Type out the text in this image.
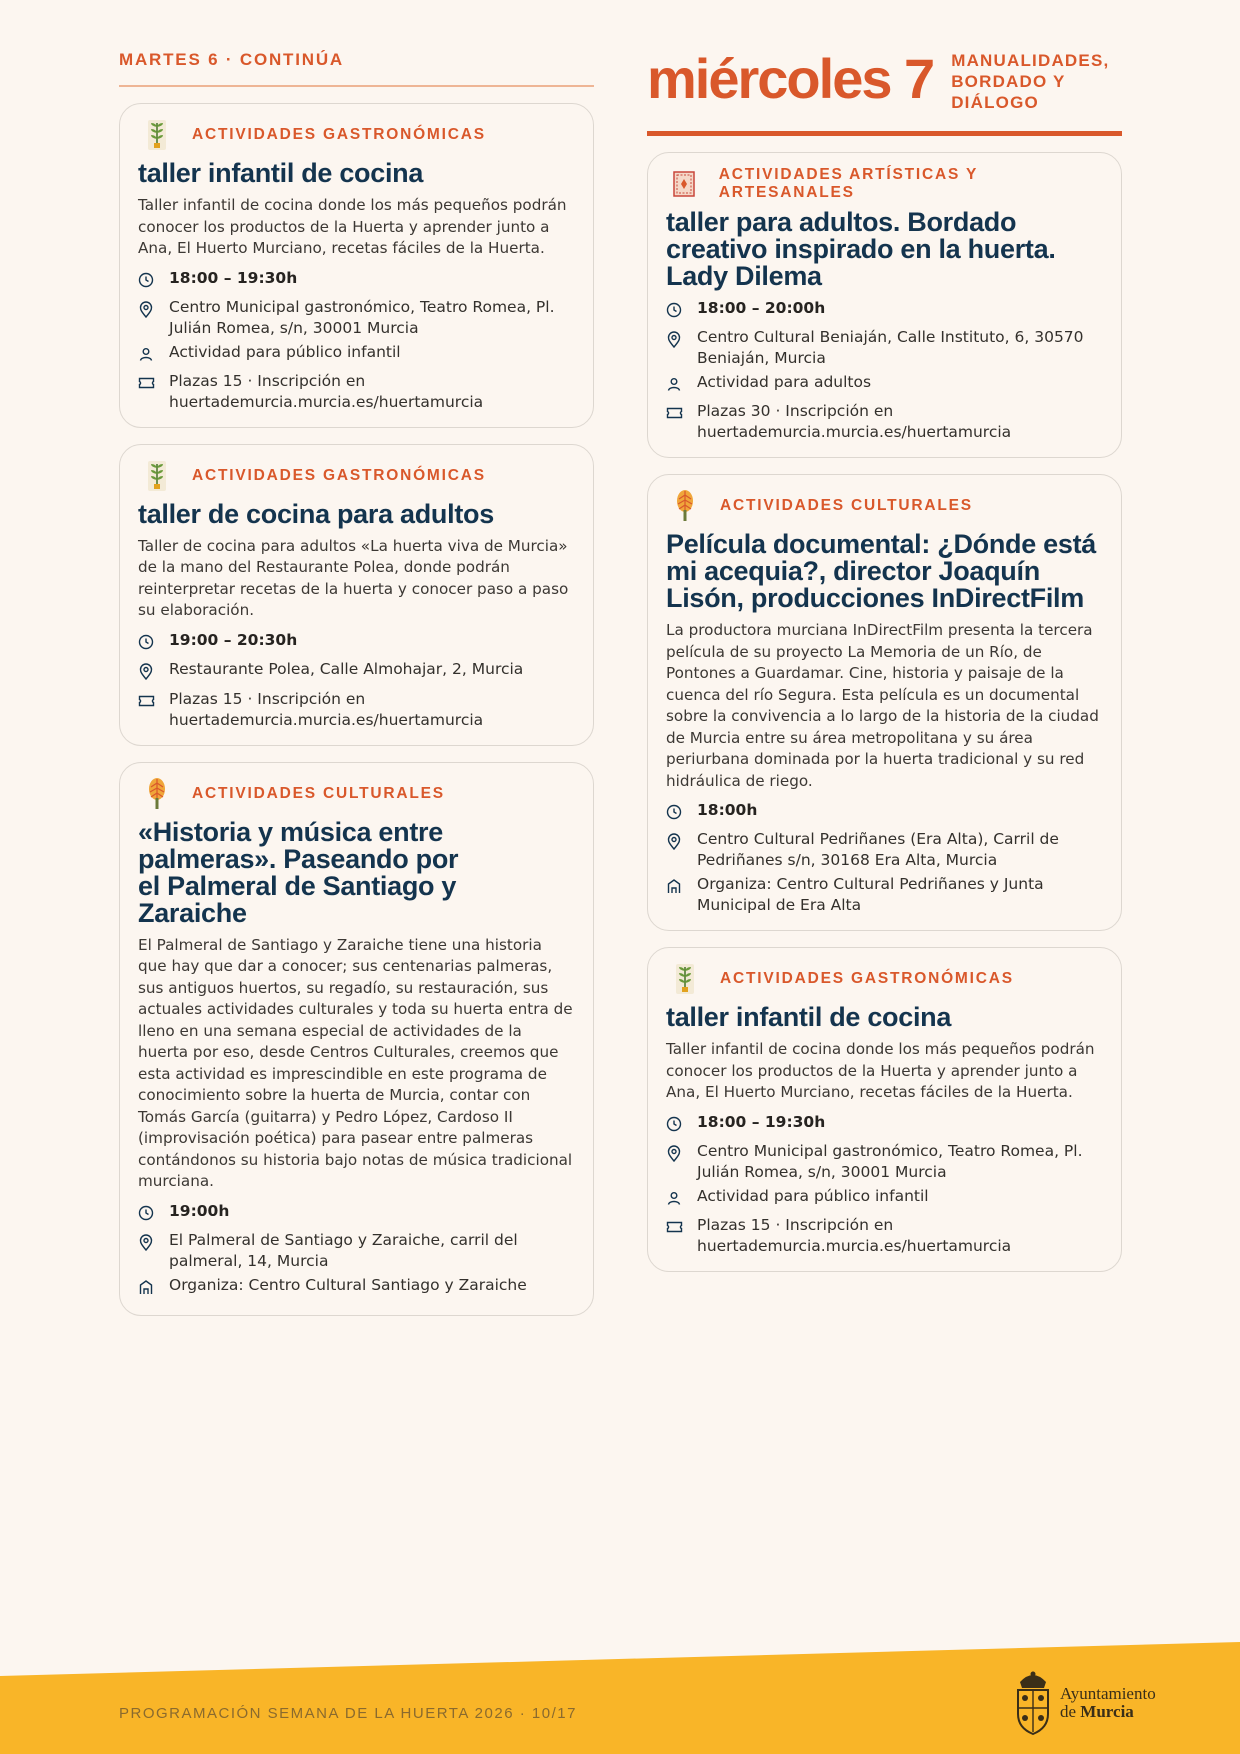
MARTES 6 · CONTINÚA
ACTIVIDADES GASTRONÓMICAS
taller infantil de cocina

Taller infantil de cocina donde los más pequeños podrán conocer los productos de la Huerta y aprender junto a Ana, El Huerto Murciano, recetas fáciles de la Huerta.

18:00 – 19:30h
Centro Municipal gastronómico, Teatro Romea, Pl. Julián Romea, s/n, 30001 Murcia
Actividad para público infantil
Plazas 15 · Inscripción en huertademurcia.murcia.es/huertamurcia
ACTIVIDADES GASTRONÓMICAS
taller de cocina para adultos

Taller de cocina para adultos «La huerta viva de Murcia» de la mano del Restaurante Polea, donde podrán reinterpretar recetas de la huerta y conocer paso a paso su elaboración.

19:00 – 20:30h
Restaurante Polea, Calle Almohajar, 2, Murcia
Plazas 15 · Inscripción en huertademurcia.murcia.es/huertamurcia
ACTIVIDADES CULTURALES
«Historia y música entre palmeras». Paseando por el Palmeral de Santiago y Zaraiche

El Palmeral de Santiago y Zaraiche tiene una historia que hay que dar a conocer; sus centenarias palmeras, sus antiguos huertos, su regadío, su restauración, sus actuales actividades culturales y toda su huerta entra de lleno en una semana especial de actividades de la huerta por eso, desde Centros Culturales, creemos que esta actividad es imprescindible en este programa de conocimiento sobre la huerta de Murcia, contar con Tomás García (guitarra) y Pedro López, Cardoso II (improvisación poética) para pasear entre palmeras contándonos su historia bajo notas de música tradicional murciana.

19:00h
El Palmeral de Santiago y Zaraiche, carril del palmeral, 14, Murcia
Organiza: Centro Cultural Santiago y Zaraiche
miércoles 7 MANUALIDADES,
BORDADO Y
DIÁLOGO
ACTIVIDADES ARTÍSTICAS Y ARTESANALES
taller para adultos. Bordado creativo inspirado en la huerta. Lady Dilema
18:00 – 20:00h
Centro Cultural Beniaján, Calle Instituto, 6, 30570 Beniaján, Murcia
Actividad para adultos
Plazas 30 · Inscripción en huertademurcia.murcia.es/huertamurcia
ACTIVIDADES CULTURALES
Película documental: ¿Dónde está mi acequia?, director Joaquín Lisón, producciones InDirectFilm

La productora murciana InDirectFilm presenta la tercera película de su proyecto La Memoria de un Río, de Pontones a Guardamar. Cine, historia y paisaje de la cuenca del río Segura. Esta película es un documental sobre la convivencia a lo largo de la historia de la ciudad de Murcia entre su área metropolitana y su área periurbana dominada por la huerta tradicional y su red hidráulica de riego.

18:00h
Centro Cultural Pedriñanes (Era Alta), Carril de Pedriñanes s/n, 30168 Era Alta, Murcia
Organiza: Centro Cultural Pedriñanes y Junta Municipal de Era Alta
ACTIVIDADES GASTRONÓMICAS
taller infantil de cocina

Taller infantil de cocina donde los más pequeños podrán conocer los productos de la Huerta y aprender junto a Ana, El Huerto Murciano, recetas fáciles de la Huerta.

18:00 – 19:30h
Centro Municipal gastronómico, Teatro Romea, Pl. Julián Romea, s/n, 30001 Murcia
Actividad para público infantil
Plazas 15 · Inscripción en huertademurcia.murcia.es/huertamurcia
PROGRAMACIÓN SEMANA DE LA HUERTA 2026 · 10/17
Ayuntamiento
de Murcia
